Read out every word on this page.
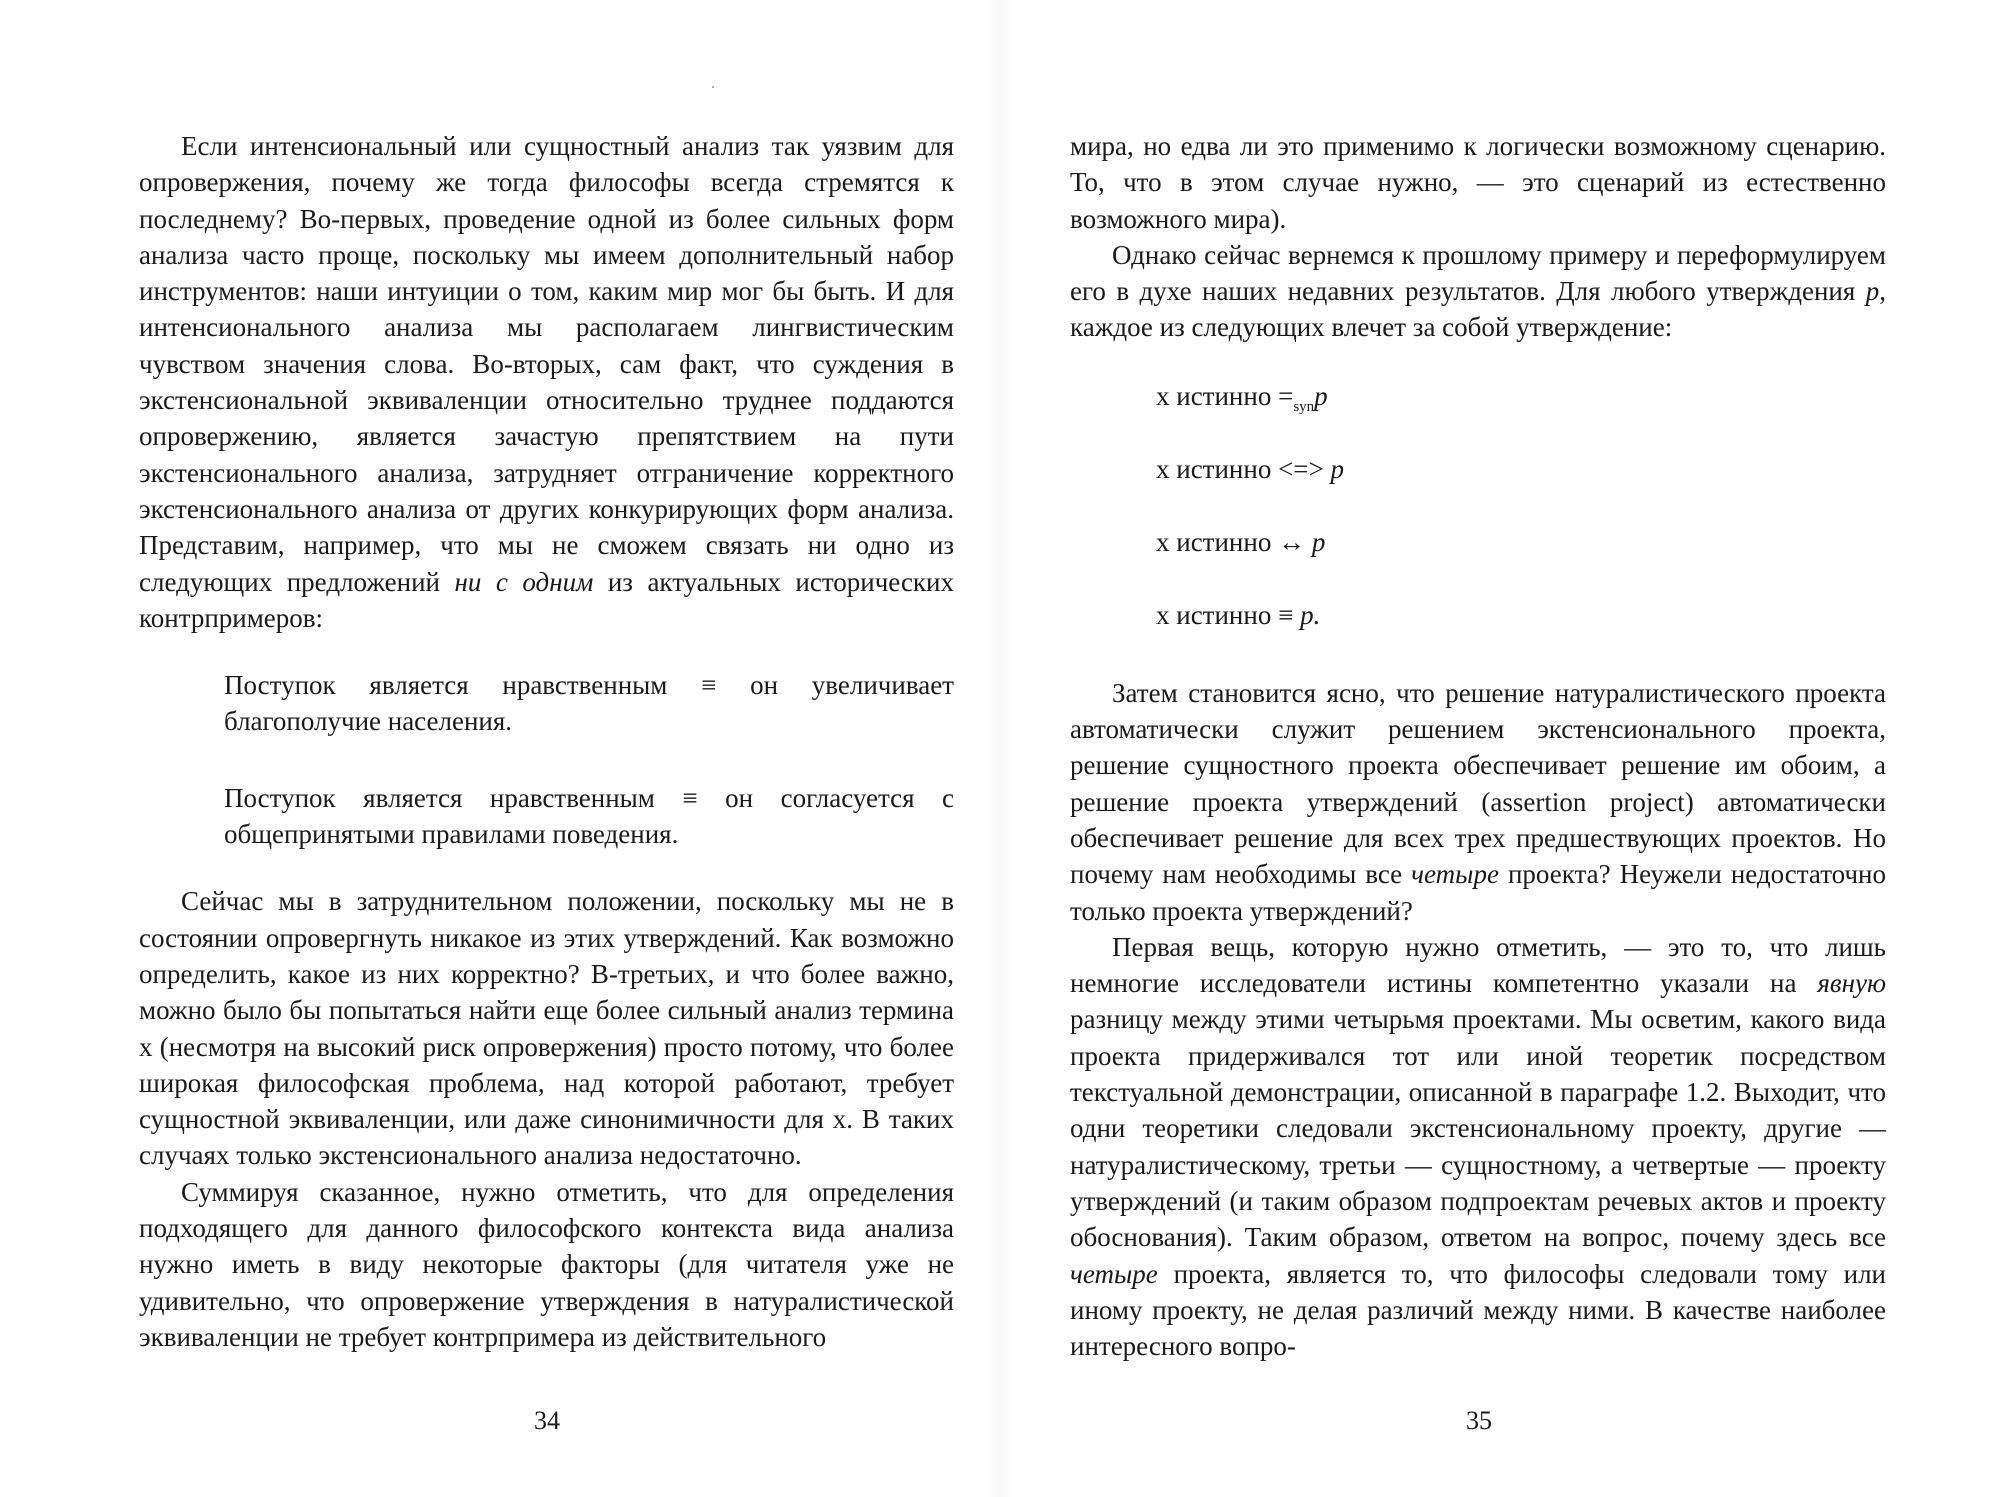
Если интенсиональный или сущностный анализ так уязвим для опровержения, почему же тогда философы всегда стремятся к последнему? Во-первых, проведение одной из более сильных форм анализа часто проще, поскольку мы имеем дополнительный набор инструментов: наши интуиции о том, каким мир мог бы быть. И для интенсионального анализа мы располагаем лингвистическим чувством значения слова. Во-вторых, сам факт, что суждения в экстенсиональной эквиваленции относительно труднее поддаются опровержению, является зачастую препятствием на пути экстенсионального анализа, затрудняет отграничение корректного экстенсионального анализа от других конкурирующих форм анализа. Представим, например, что мы не сможем связать ни одно из следующих предложений ни с одним из актуальных исторических контрпримеров:

Поступок является нравственным ≡ он увеличивает благополучие населения.

Поступок является нравственным ≡ он согласуется с общепринятыми правилами поведения.

Сейчас мы в затруднительном положении, поскольку мы не в состоянии опровергнуть никакое из этих утверждений. Как возможно определить, какое из них корректно? В-третьих, и что более важно, можно было бы попытаться найти еще более сильный анализ термина x (несмотря на высокий риск опровержения) просто потому, что более широкая философская проблема, над которой работают, требует сущностной эквиваленции, или даже синонимичности для x. В таких случаях только экстенсионального анализа недостаточно.

Суммируя сказанное, нужно отметить, что для определения подходящего для данного философского контекста вида анализа нужно иметь в виду некоторые факторы (для читателя уже не удивительно, что опровержение утверждения в натуралистической эквиваленции не требует контрпримера из действительного

34

мира, но едва ли это применимо к логически возможному сценарию. То, что в этом случае нужно, — это сценарий из естественно возможного мира).

Однако сейчас вернемся к прошлому примеру и переформулируем его в духе наших недавних результатов. Для любого утверждения p, каждое из следующих влечет за собой утверждение:

x истинно $=_{syn}p$
x истинно <=> p
x истинно ↔ p
x истинно ≡ p.

Затем становится ясно, что решение натуралистического проекта автоматически служит решением экстенсионального проекта, решение сущностного проекта обеспечивает решение им обоим, а решение проекта утверждений (assertion project) автоматически обеспечивает решение для всех трех предшествующих проектов. Но почему нам необходимы все четыре проекта? Неужели недостаточно только проекта утверждений?

Первая вещь, которую нужно отметить, — это то, что лишь немногие исследователи истины компетентно указали на явную разницу между этими четырьмя проектами. Мы осветим, какого вида проекта придерживался тот или иной теоретик посредством текстуальной демонстрации, описанной в параграфе 1.2. Выходит, что одни теоретики следовали экстенсиональному проекту, другие — натуралистическому, третьи — сущностному, а четвертые — проекту утверждений (и таким образом подпроектам речевых актов и проекту обоснования). Таким образом, ответом на вопрос, почему здесь все четыре проекта, является то, что философы следовали тому или иному проекту, не делая различий между ними. В качестве наиболее интересного вопро-

35
